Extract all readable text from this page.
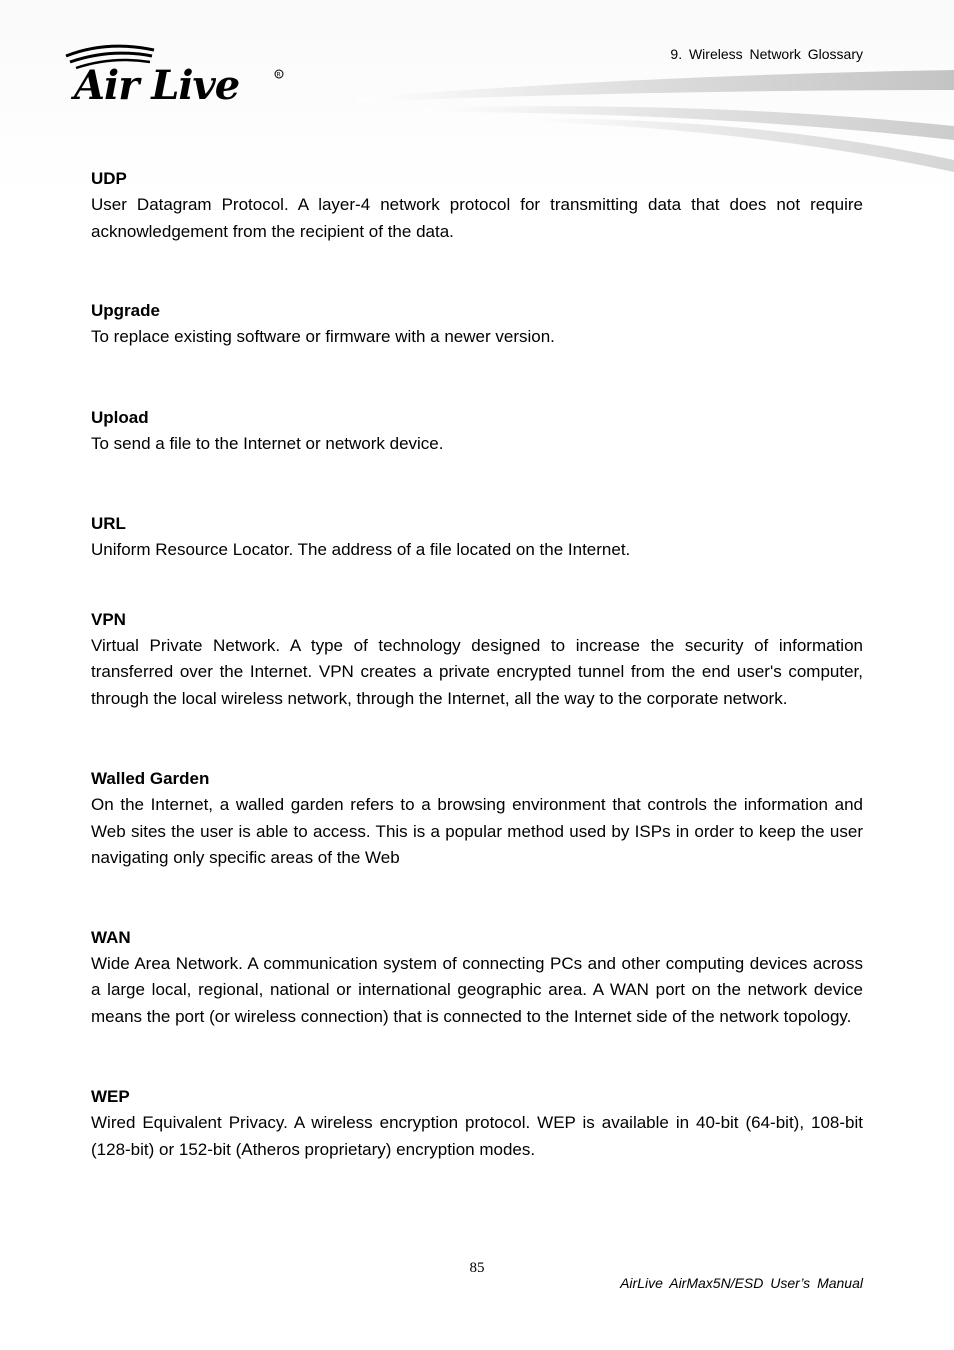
Air Live	R
9. Wireless Network Glossary

UDP

User Datagram Protocol. A layer-4 network protocol for transmitting data that does not require acknowledgement from the recipient of the data.

Upgrade

To replace existing software or firmware with a newer version.

Upload

To send a file to the Internet or network device.

URL

Uniform Resource Locator. The address of a file located on the Internet.

VPN

Virtual Private Network. A type of technology designed to increase the security of information transferred over the Internet. VPN creates a private encrypted tunnel from the end user's computer, through the local wireless network, through the Internet, all the way to the corporate network.

Walled Garden

On the Internet, a walled garden refers to a browsing environment that controls the information and Web sites the user is able to access. This is a popular method used by ISPs in order to keep the user navigating only specific areas of the Web

WAN

Wide Area Network. A communication system of connecting PCs and other computing devices across a large local, regional, national or international geographic area. A WAN port on the network device means the port (or wireless connection) that is connected to the Internet side of the network topology.

WEP

Wired Equivalent Privacy. A wireless encryption protocol. WEP is available in 40-bit (64-bit), 108-bit (128-bit) or 152-bit (Atheros proprietary) encryption modes.

85
AirLive AirMax5N/ESD User’s Manual
